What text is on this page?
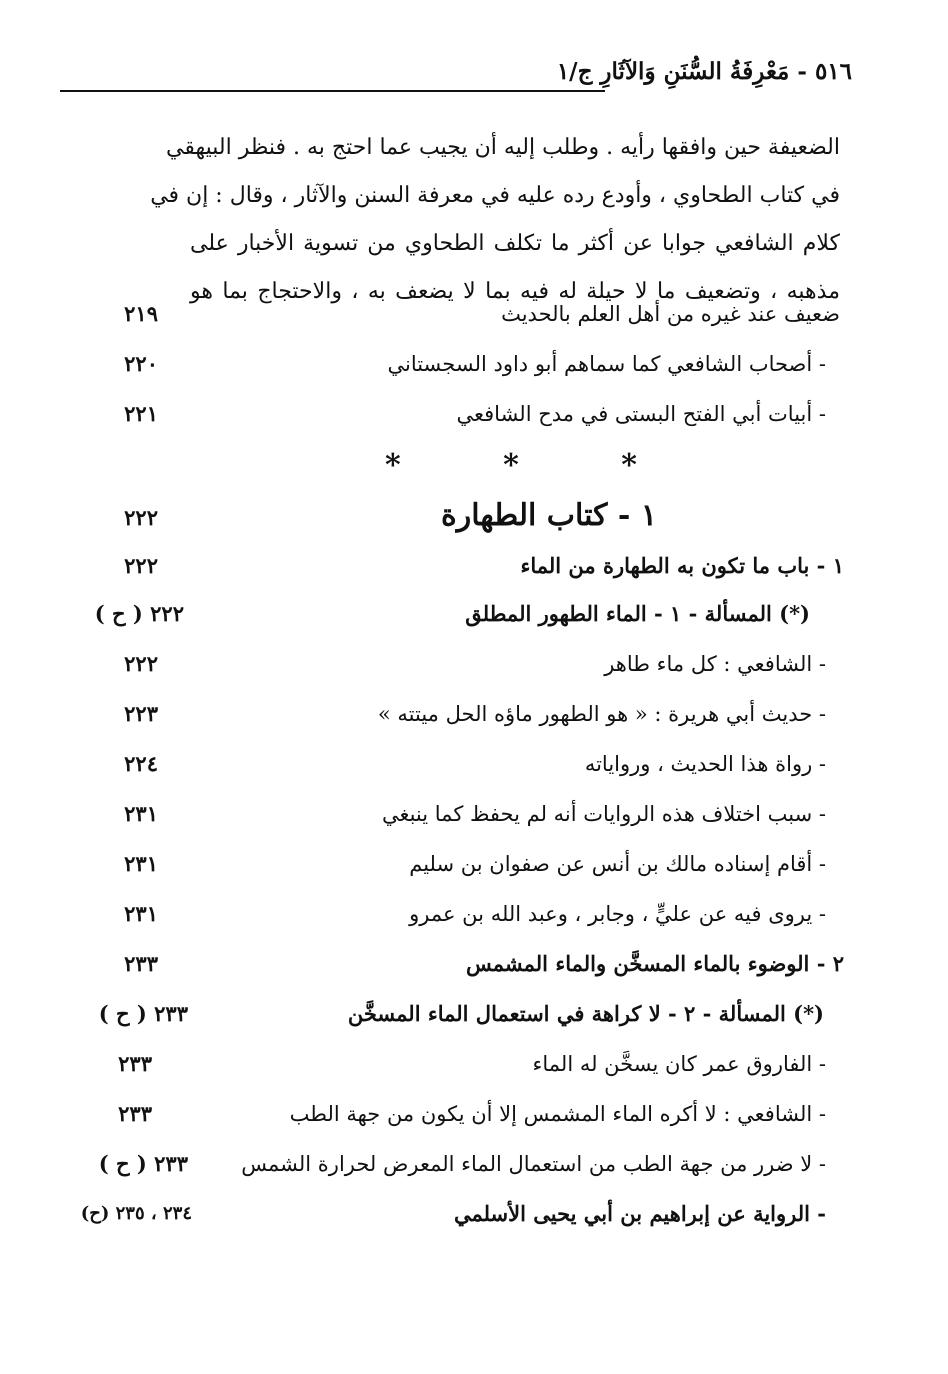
٥١٦ - مَعْرِفَةُ السُّنَنِ وَالآثَارِ ج/١
الضعيفة حين وافقها رأيه . وطلب إليه أن يجيب عما احتج به . فنظر البيهقي
في كتاب الطحاوي ، وأودع رده عليه في معرفة السنن والآثار ، وقال : إن في
كلام الشافعي جوابا عن أكثر ما تكلف الطحاوي من تسوية الأخبار على
مذهبه ، وتضعيف ما لا حيلة له فيه بما لا يضعف به ، والاحتجاج بما هو
ضعيف عند غيره من أهل العلم بالحديث
٢١٩
- أصحاب الشافعي كما سماهم أبو داود السجستاني
٢٢٠
- أبيات أبي الفتح البستى في مدح الشافعي
٢٢١
* * *
١ - كتاب الطهارة
٢٢٢
١ - باب ما تكون به الطهارة من الماء
٢٢٢
(*) المسألة - ١ - الماء الطهور المطلق
٢٢٢ ( ح )
- الشافعي : كل ماء طاهر
٢٢٢
- حديث أبي هريرة : « هو الطهور ماؤه الحل ميتته »
٢٢٣
- رواة هذا الحديث ، ورواياته
٢٢٤
- سبب اختلاف هذه الروايات أنه لم يحفظ كما ينبغي
٢٣١
- أقام إسناده مالك بن أنس عن صفوان بن سليم
٢٣١
- يروى فيه عن عليٍّ ، وجابر ، وعبد الله بن عمرو
٢٣١
٢ - الوضوء بالماء المسخَّن والماء المشمس
٢٣٣
(*) المسألة - ٢ - لا كراهة في استعمال الماء المسخَّن
٢٣٣ ( ح )
- الفاروق عمر كان يسخَّن له الماء
٢٣٣
- الشافعي : لا أكره الماء المشمس إلا أن يكون من جهة الطب
٢٣٣
- لا ضرر من جهة الطب من استعمال الماء المعرض لحرارة الشمس
٢٣٣ ( ح )
- الرواية عن إبراهيم بن أبي يحيى الأسلمي
٢٣٤ ، ٢٣٥ (ح)
